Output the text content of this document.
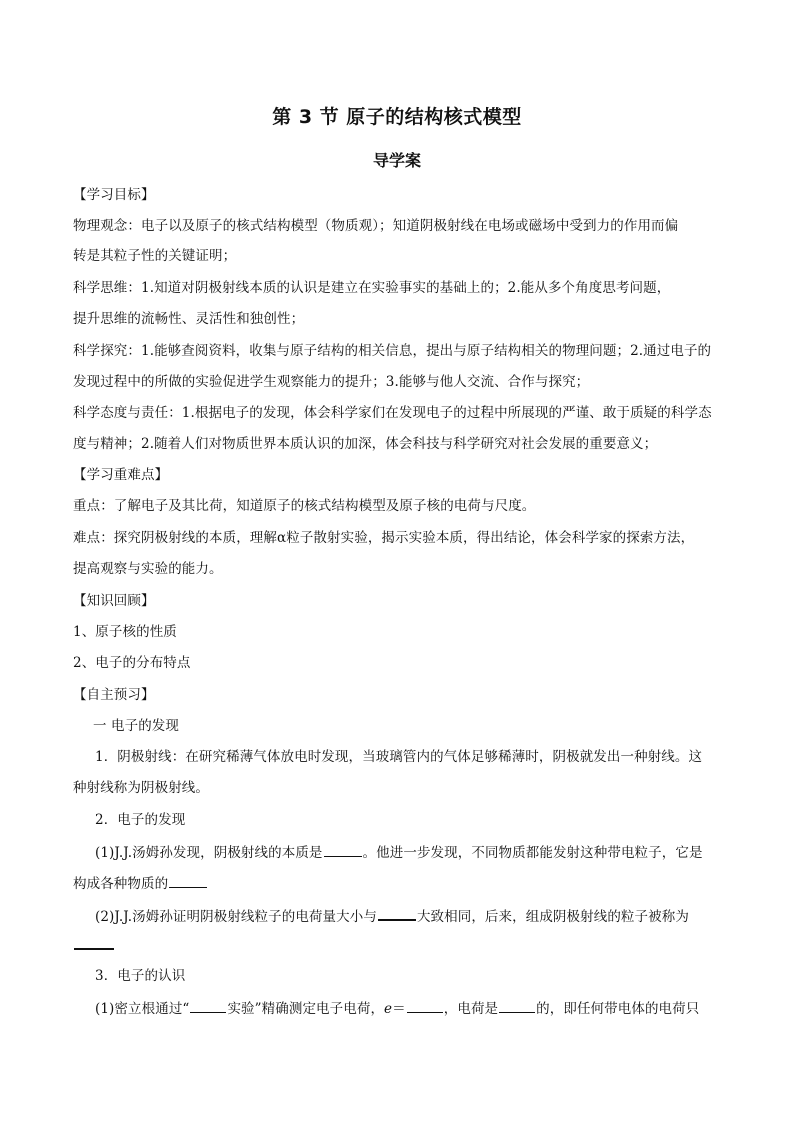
第 3 节 原子的结构核式模型
导学案
【学习目标】
物理观念：电子以及原子的核式结构模型（物质观）；知道阴极射线在电场或磁场中受到力的作用而偏
转是其粒子性的关键证明；
科学思维：1.知道对阴极射线本质的认识是建立在实验事实的基础上的；2.能从多个角度思考问题，
提升思维的流畅性、灵活性和独创性；
科学探究：1.能够查阅资料，收集与原子结构的相关信息，提出与原子结构相关的物理问题；2.通过电子的
发现过程中的所做的实验促进学生观察能力的提升；3.能够与他人交流、合作与探究；
科学态度与责任：1.根据电子的发现，体会科学家们在发现电子的过程中所展现的严谨、敢于质疑的科学态
度与精神；2.随着人们对物质世界本质认识的加深，体会科技与科学研究对社会发展的重要意义；
【学习重难点】
重点：了解电子及其比荷，知道原子的核式结构模型及原子核的电荷与尺度。
难点：探究阴极射线的本质，理解α粒子散射实验，揭示实验本质，得出结论，体会科学家的探索方法，
提高观察与实验的能力。
【知识回顾】
1、原子核的性质
2、电子的分布特点
【自主预习】
一 电子的发现
1．阴极射线：在研究稀薄气体放电时发现，当玻璃管内的气体足够稀薄时，阴极就发出一种射线。这
种射线称为阴极射线。
2．电子的发现
(1)J.J.汤姆孙发现，阴极射线的本质是	。他进一步发现，不同物质都能发射这种带电粒子，它是
构成各种物质的
(2)J.J.汤姆孙证明阴极射线粒子的电荷量大小与	大致相同，后来，组成阴极射线的粒子被称为
3．电子的认识
(1)密立根通过“	实验”精确测定电子电荷，e＝	，电荷是	的，即任何带电体的电荷只
